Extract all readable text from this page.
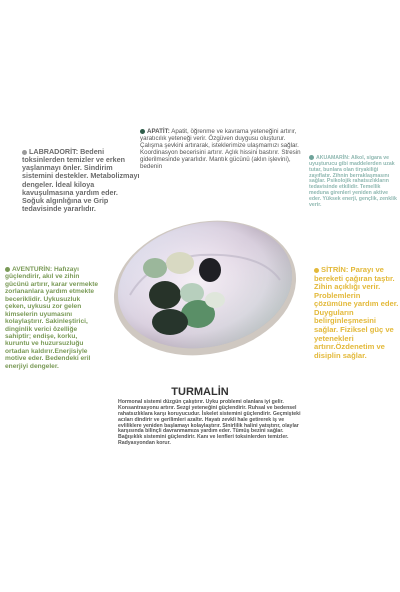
LABRADORİT: Bedeni toksinlerden temizler ve erken yaşlanmayı önler. Sindirim sistemini destekler. Metabolizmayı dengeler. İdeal kiloya kavuşulmasına yardım eder. Soğuk algınlığına ve Grip tedavisinde yararlıdır.
APATİT: Apatit, öğrenme ve kavrama yeteneğini artırır, yaratıcılık yeteneği verir. Özgüven duygusu oluşturur. Çalışma şevkini artırarak, isteklerimize ulaşmamızı sağlar. Koordinasyon becerisini artırır. Açlık hissini bastırır. Stresin giderilmesinde yararlıdır. Mantık gücünü (aklın işlevini), bedenin
AKUAMARİN: Alkol, sigara ve uyuşturucu gibi maddelerden uzak tutar, bunlara olan tiryakiliği zayıflatır. Zihnin berraklaşmasını sağlar. Psikolojik rahatsızlıkların tedavisinde etkilidir. Temellik meduna girenleri yeniden aktive eder. Yüksek enerji, gençlik, zenklik verir.
AVENTURİN: Hafızayı güçlendirir, akıl ve zihin gücünü artırır, karar vermekte zorlananlara yardım etmekte beceriklidir. Uykusuzluk çeken, uykusu zor gelen kimselerin uyumasını kolaylaştırır. Sakinleştirici, dinginlik verici özelliğe sahiptir; endişe, korku, kuruntu ve huzursuzluğu ortadan kaldırır.Enerjisiyle motive eder. Bedendeki eril enerjiyi dengeler.
SİTRİN: Parayı ve bereketi çağıran taştır. Zihin açıklığı verir. Problemlerin çözümüne yardım eder. Duyguların belirginleşmesini sağlar. Fiziksel güç ve yetenekleri artırır.Özdenetim ve disiplin sağlar.
TURMALİN
Hormonal sistemi düzgün çalıştırır. Uyku problemi olanlara iyi gelir. Konsantrasyonu artırır. Sezgi yeteneğini güçlendirir. Ruhsal ve bedensel rahatsızlıklara karşı koruyucudur. İskelet sistemini güçlendirir. Geçmişteki acıları dindirir ve gerilimleri azaltır. Hayatı zevkli hale getirerek iş ve evliliklere yeniden başlamayı kolaylaştırır. Sinirlilik halini yatıştırır, olaylar karşısında bilinçli davranmamıza yardım eder. Tümüş bezini sağlar. Bağışıklık sistemini güçlendirir. Kanı ve lenfleri toksinlerden temizler. Radyasyondan korur.
